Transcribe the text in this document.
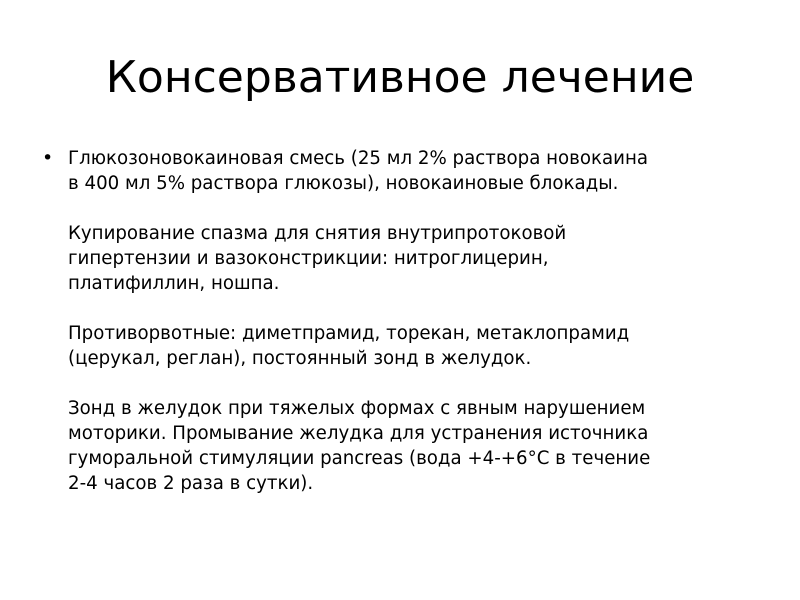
Консервативное лечение
• Глюкозоновокаиновая смесь (25 мл 2% раствора новокаина
в 400 мл 5% раствора глюкозы), новокаиновые блокады.

Купирование спазма для снятия внутрипротоковой
гипертензии и вазоконстрикции: нитроглицерин,
платифиллин, ношпа.

Противорвотные: диметпрамид, торекан, метаклопрамид
(церукал, реглан), постоянный зонд в желудок.

Зонд в желудок при тяжелых формах с явным нарушением
моторики. Промывание желудка для устранения источника
гуморальной стимуляции pancreas (вода +4-+6°С в течение
2-4 часов 2 раза в сутки).
